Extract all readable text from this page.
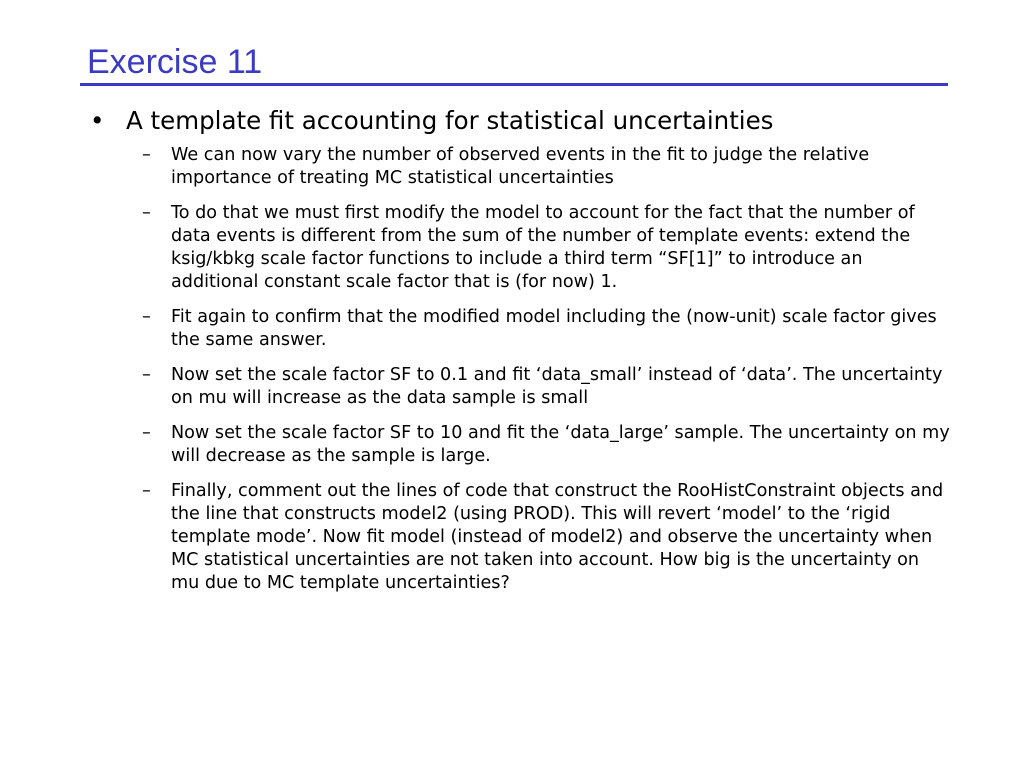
Exercise 11
• A template fit accounting for statistical uncertainties
– We can now vary the number of observed events in the fit to judge the relative importance of treating MC statistical uncertainties
– To do that we must first modify the model to account for the fact that the number of data events is different from the sum of the number of template events: extend the ksig/kbkg scale factor functions to include a third term “SF[1]” to introduce an additional constant scale factor that is (for now) 1.
– Fit again to confirm that the modified model including the (now-unit) scale factor gives the same answer.
– Now set the scale factor SF to 0.1 and fit ‘data_small’ instead of ‘data’. The uncertainty on mu will increase as the data sample is small
– Now set the scale factor SF to 10 and fit the ‘data_large’ sample. The uncertainty on my will decrease as the sample is large.
– Finally, comment out the lines of code that construct the RooHistConstraint objects and the line that constructs model2 (using PROD). This will revert ‘model’ to the ‘rigid template mode’. Now fit model (instead of model2) and observe the uncertainty when MC statistical uncertainties are not taken into account. How big is the uncertainty on mu due to MC template uncertainties?
